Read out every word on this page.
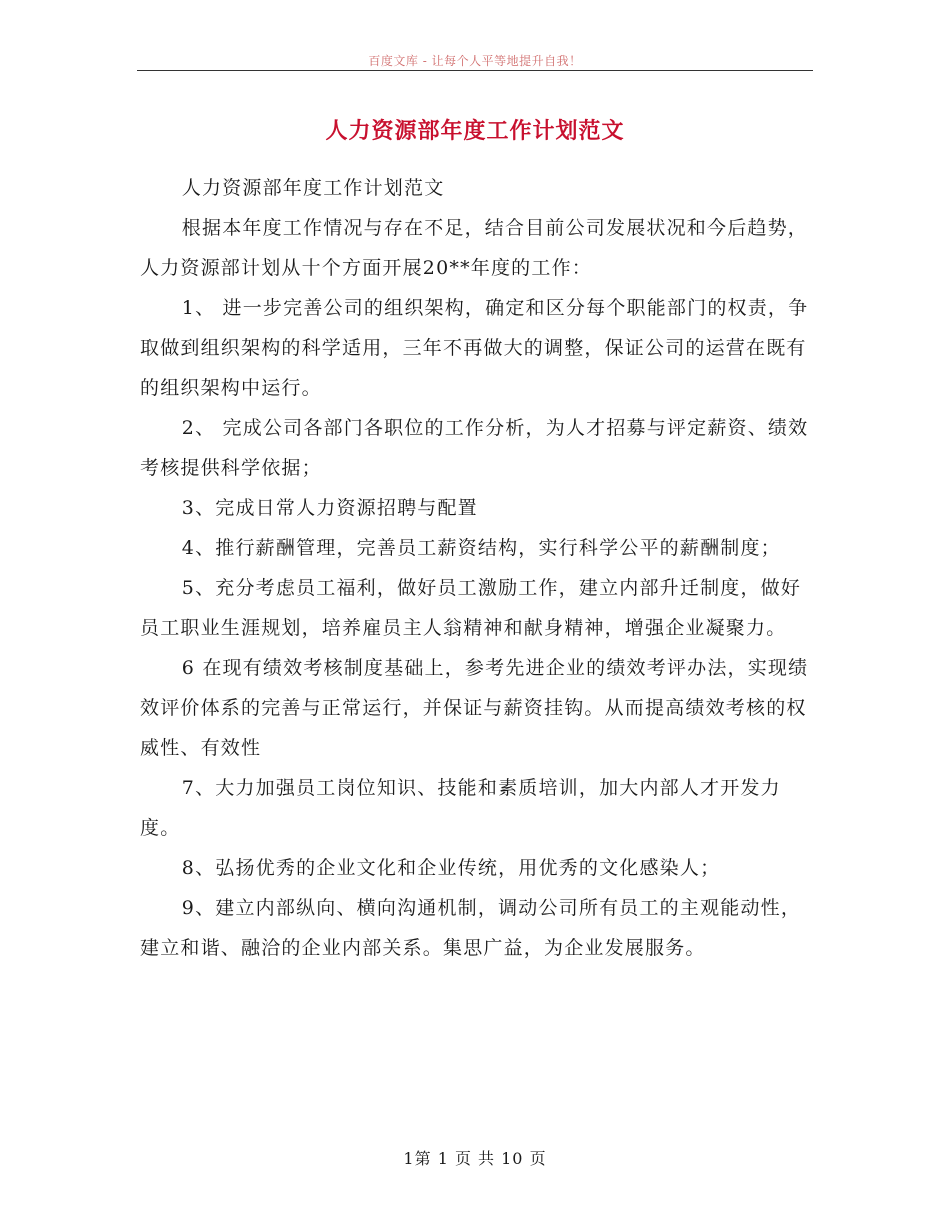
百度文库 - 让每个人平等地提升自我！
人力资源部年度工作计划范文

人力资源部年度工作计划范文

根据本年度工作情况与存在不足，结合目前公司发展状况和今后趋势，人力资源部计划从十个方面开展20**年度的工作：

1、 进一步完善公司的组织架构，确定和区分每个职能部门的权责，争取做到组织架构的科学适用，三年不再做大的调整，保证公司的运营在既有的组织架构中运行。

2、 完成公司各部门各职位的工作分析，为人才招募与评定薪资、绩效考核提供科学依据；

3、完成日常人力资源招聘与配置

4、推行薪酬管理，完善员工薪资结构，实行科学公平的薪酬制度；

5、充分考虑员工福利，做好员工激励工作，建立内部升迁制度，做好员工职业生涯规划，培养雇员主人翁精神和献身精神，增强企业凝聚力。

6 在现有绩效考核制度基础上，参考先进企业的绩效考评办法，实现绩效评价体系的完善与正常运行，并保证与薪资挂钩。从而提高绩效考核的权威性、有效性

7、大力加强员工岗位知识、技能和素质培训，加大内部人才开发力度。

8、弘扬优秀的企业文化和企业传统，用优秀的文化感染人；

9、建立内部纵向、横向沟通机制，调动公司所有员工的主观能动性，建立和谐、融洽的企业内部关系。集思广益，为企业发展服务。

1第 1 页 共 10 页
